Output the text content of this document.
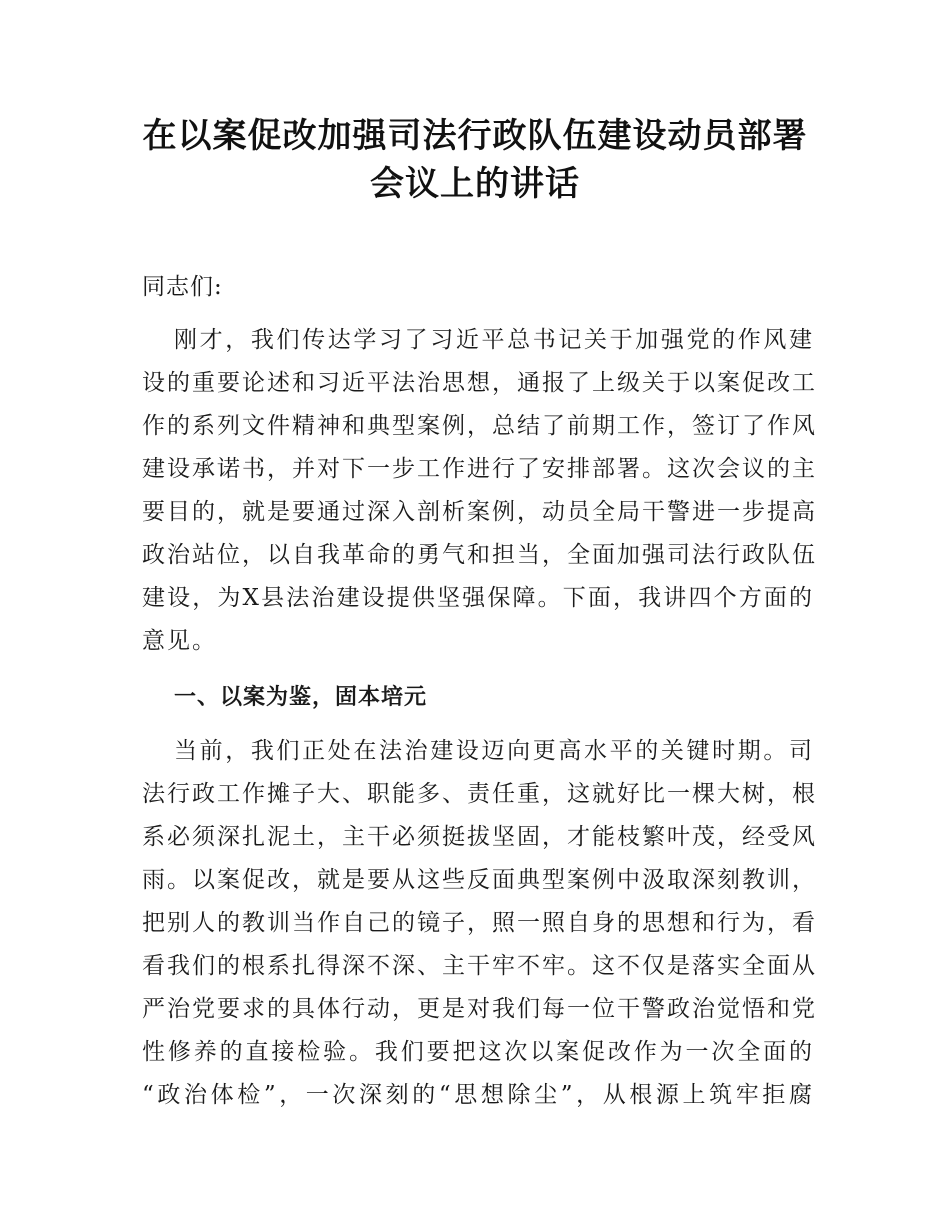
在以案促改加强司法行政队伍建设动员部署
会议上的讲话
同志们:
刚才，我们传达学习了习近平总书记关于加强党的作风建
设的重要论述和习近平法治思想，通报了上级关于以案促改工
作的系列文件精神和典型案例，总结了前期工作，签订了作风
建设承诺书，并对下一步工作进行了安排部署。这次会议的主
要目的，就是要通过深入剖析案例，动员全局干警进一步提高
政治站位，以自我革命的勇气和担当，全面加强司法行政队伍
建设，为X县法治建设提供坚强保障。下面，我讲四个方面的
意见。
一、以案为鉴，固本培元
当前，我们正处在法治建设迈向更高水平的关键时期。司
法行政工作摊子大、职能多、责任重，这就好比一棵大树，根
系必须深扎泥土，主干必须挺拔坚固，才能枝繁叶茂，经受风
雨。以案促改，就是要从这些反面典型案例中汲取深刻教训，
把别人的教训当作自己的镜子，照一照自身的思想和行为，看
看我们的根系扎得深不深、主干牢不牢。这不仅是落实全面从
严治党要求的具体行动，更是对我们每一位干警政治觉悟和党
性修养的直接检验。我们要把这次以案促改作为一次全面的
“政治体检”，一次深刻的“思想除尘”，从根源上筑牢拒腐
